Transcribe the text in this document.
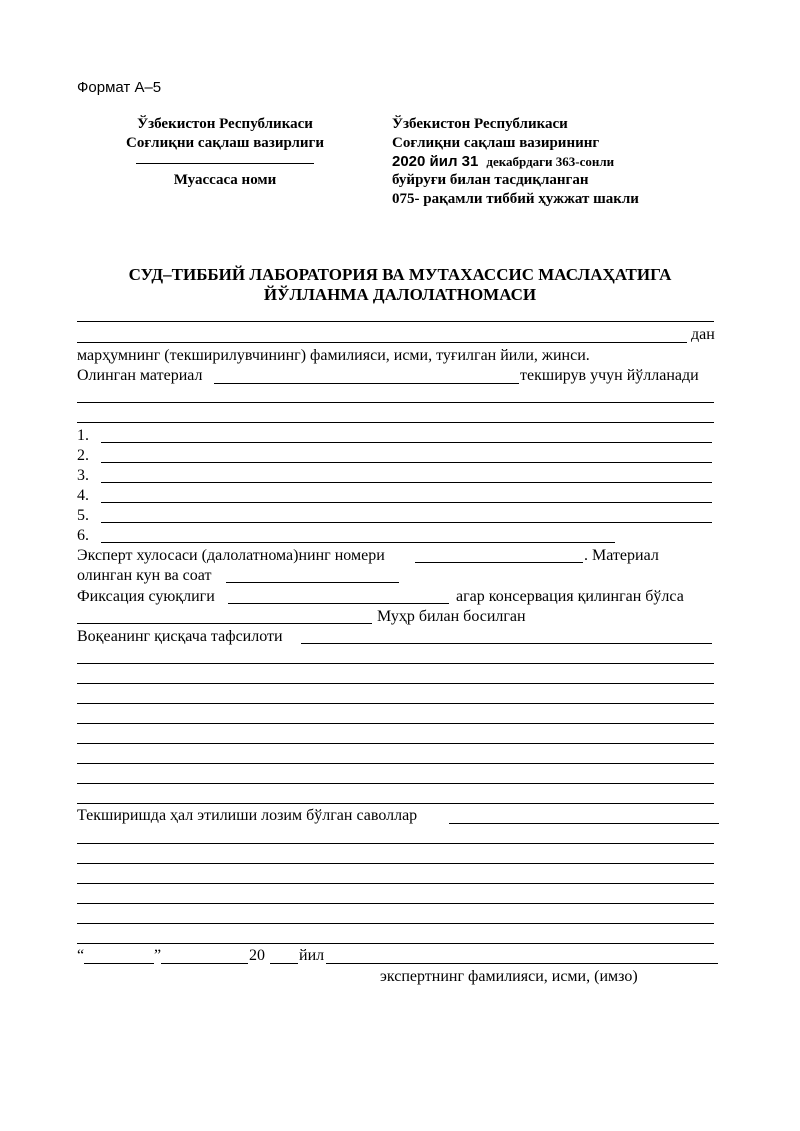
Формат А–5
Ўзбекистон Республикаси
Соғлиқни сақлаш вазирлиги
Муассаса номи
Ўзбекистон Республикаси
Соғлиқни сақлаш вазирининг
2020 йил 31 декабрдаги 363-сонли
буйруғи билан тасдиқланган
075- рақамли тиббий ҳужжат шакли
СУД–ТИББИЙ ЛАБОРАТОРИЯ ВА МУТАХАССИС МАСЛАҲАТИГА
ЙЎЛЛАНМА ДАЛОЛАТНОМАСИ
дан
марҳумнинг (текширилувчининг) фамилияси, исми, туғилган йили, жинси.
Олинган материал	текширув учун йўлланади
1.
2.
3.
4.
5.
6.
Эксперт хулосаси (далолатнома)нинг номери	. Материал
олинган кун ва соат
Фиксация суюқлиги	агар консервация қилинган бўлса
Муҳр билан босилган
Воқеанинг қисқача тафсилоти
Текширишда ҳал этилиши лозим бўлган саволлар
“	”	20 йил
экспертнинг фамилияси, исми, (имзо)
